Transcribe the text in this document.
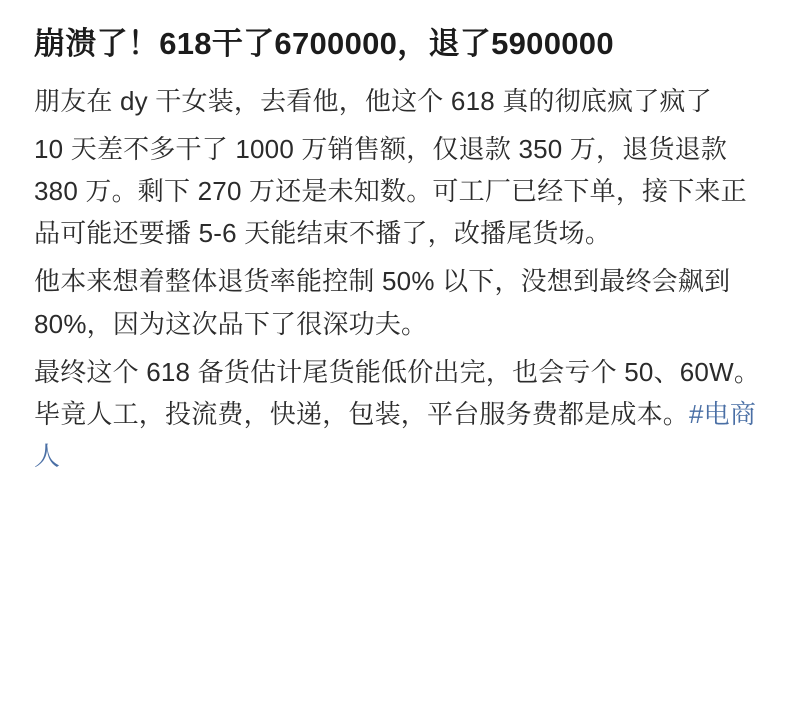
崩溃了！618干了6700000，退了5900000

朋友在 dy 干女装，去看他，他这个 618 真的彻底疯了疯了

10 天差不多干了 1000 万销售额，仅退款 350 万，退货退款 380 万。剩下 270 万还是未知数。可工厂已经下单，接下来正品可能还要播 5-6 天能结束不播了，改播尾货场。

他本来想着整体退货率能控制 50% 以下，没想到最终会飙到 80%，因为这次品下了很深功夫。

最终这个 618 备货估计尾货能低价出完，也会亏个 50、60W。毕竟人工，投流费，快递，包装，平台服务费都是成本。#电商人
